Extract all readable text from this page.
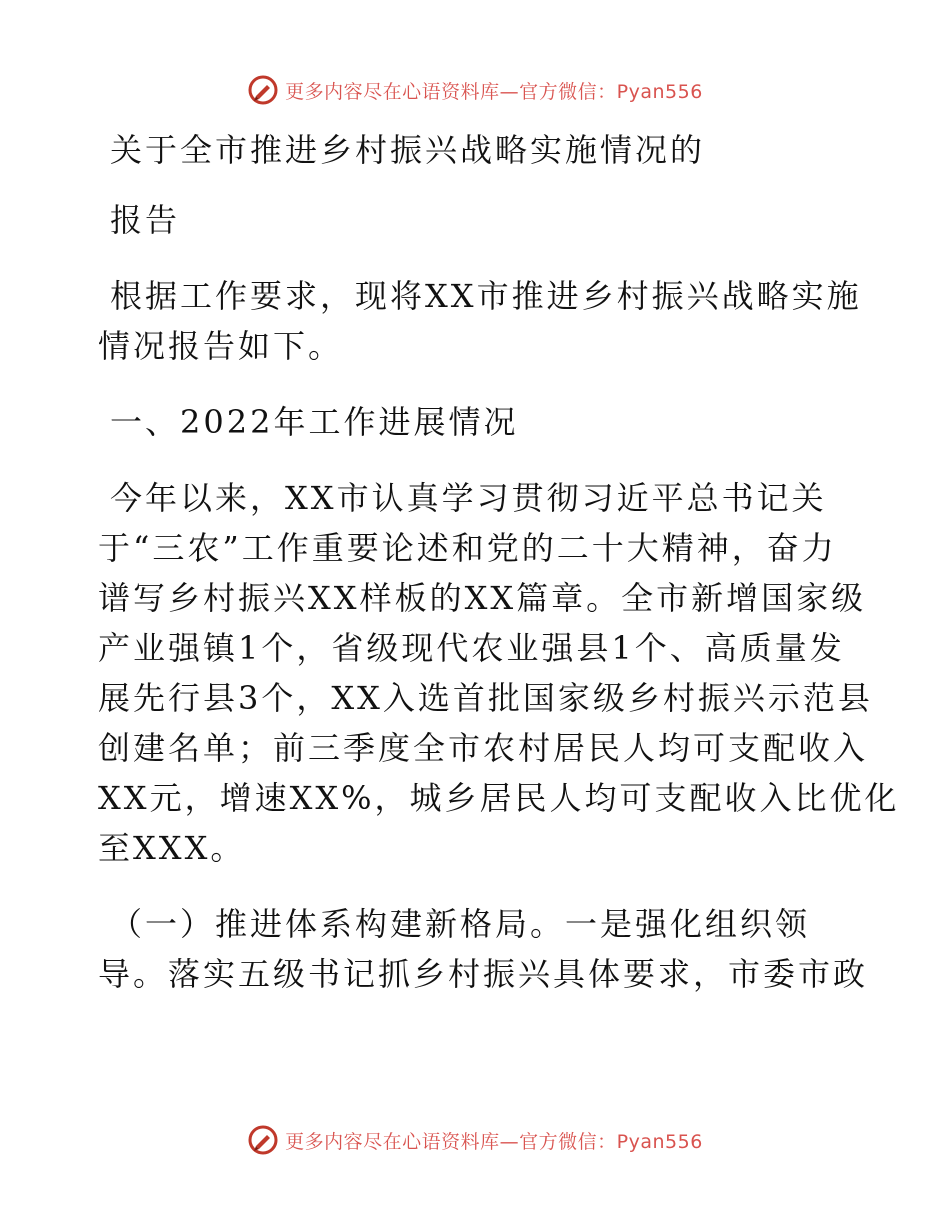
更多内容尽在心语资料库—官方微信：Pyan556

关于全市推进乡村振兴战略实施情况的

报告

根据工作要求，现将XX市推进乡村振兴战略实施

情况报告如下。

一、2022年工作进展情况

今年以来，XX市认真学习贯彻习近平总书记关

于“三农”工作重要论述和党的二十大精神，奋力

谱写乡村振兴XX样板的XX篇章。全市新增国家级

产业强镇1个，省级现代农业强县1个、高质量发

展先行县3个，XX入选首批国家级乡村振兴示范县

创建名单；前三季度全市农村居民人均可支配收入

XX元，增速XX%，城乡居民人均可支配收入比优化

至XXX。

（一）推进体系构建新格局。一是强化组织领

导。落实五级书记抓乡村振兴具体要求，市委市政

更多内容尽在心语资料库—官方微信：Pyan556
